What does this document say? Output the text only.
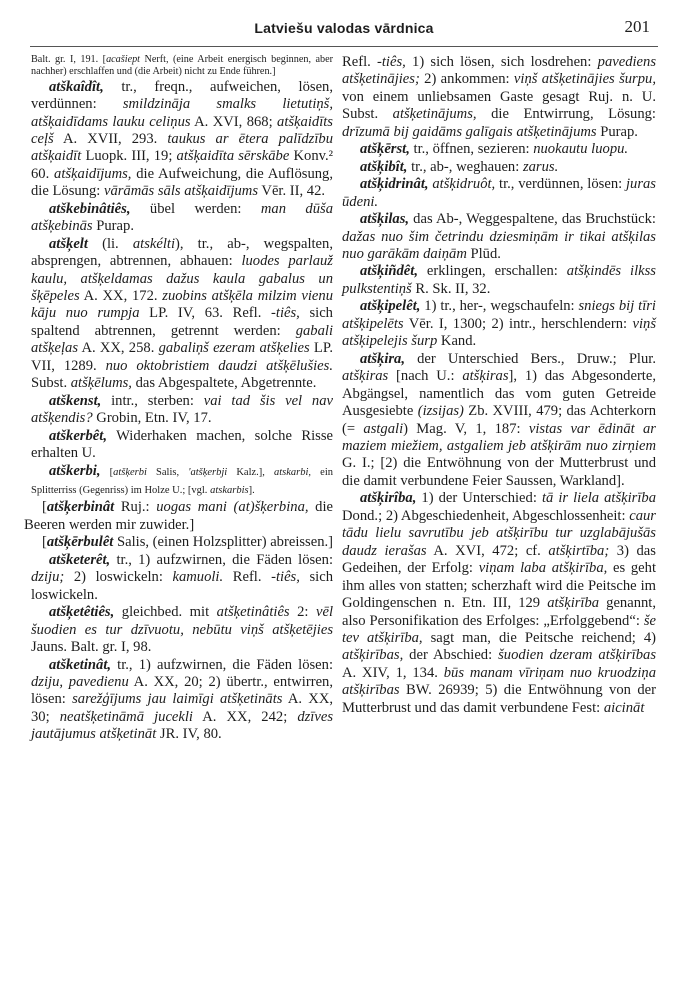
Latviešu valodas vārdnica	201

Balt. gr. I, 191. [acašiept Nerft, (eine Arbeit energisch beginnen, aber nachher) erschlaffen und (die Arbeit) nicht zu Ende führen.]

atškaîdît, tr., freqn., aufweichen, lösen, verdünnen: smildzināja smalks lietutiņš, atšķaidīdams lauku celiņus A. XVI, 868; atšķaidīts cеļš A. XVII, 293. taukus ar ēterа palīdzību atšķaidīt Luopk. III, 19; atšķaidīta sērskābe Konv.² 60. atšķaidījums, die Aufweichung, die Auflösung, die Lösung: vārāmās sāls atšķaidījums Vēr. II, 42.

atškebinâtiês, übel werden: man dūša atšķebinās Purap.

atšķelt (li. atskélti), tr., ab-, wegspalten, absprengen, abtrennen, abhauen: luodes parlauž kaulu, atšķeldamas dažus kaula gabalus un šķēpeles A. XX, 172. zuobins atšķēla milzim vienu kāju nuo rumpja LP. IV, 63. Refl. -tiês, sich spaltend abtrennen, getrennt werden: gabali atšķeļas A. XX, 258. gabaliņš ezeram atšķelies LP. VII, 1289. nuo oktobristiem daudzi atšķēlušies. Subst. atšķēlums, das Abgespaltete, Abgetrennte.

atškenst, intr., sterben: vai tad šis vel nav atšķendis? Grobin, Etn. IV, 17.

atškerbêt, Widerhaken machen, solche Risse erhalten U.

atškerbi, [atšķerbi Salis, 'atšķerbji Kalz.], atskarbi, ein Splitterriss (Gegenriss) im Holze U.; [vgl. atskarbis].

[atšķerbinât Ruj.: uogas mani (at)šķerbina, die Beeren werden mir zuwider.]

[atšķērbulêt Salis, (einen Holzsplitter) abreissen.]

atšketerêt, tr., 1) aufzwirnen, die Fäden lösen: dziju; 2) loswickeln: kamuoli. Refl. -tiês, sich loswickeln.

atšķetêtiês, gleichbed. mit atšķetinâtiês 2: vēl šuodien es tur dzīvuotu, nebūtu viņš atšķetējies Jauns. Balt. gr. I, 98.

atšketinât, tr., 1) aufzwirnen, die Fäden lösen: dziju, pavedienu A. XX, 20; 2) übertr., entwirren, lösen: sarežģījums jau laimīgi atšķetināts A. XX, 30; neatšķetināmā jucekli A. XX, 242; dzīves jautājumus atšķetināt JR. IV, 80.

Refl. -tiês, 1) sich lösen, sich losdrehen: pavediens atšķetinājies; 2) ankommen: viņš atšķetinājies šurpu, von einem unliebsamen Gaste gesagt Ruj. n. U. Subst. atšķetinājums, die Entwirrung, Lösung: drīzumā bij gaidāms galīgais atšķetinājums Purap.

atšķērst, tr., öffnen, sezieren: nuokautu luopu.

atšķibît, tr., ab-, weghauen: zarus.

atšķidrinât, atšķidruôt, tr., verdünnen, lösen: juras ūdeni.

atšķilas, das Ab-, Weggespaltene, das Bruchstück: dažas nuo šim četrindu dziesmiņām ir tikai atšķilas nuo garākām daiņām Plūd.

atšķiñdêt, erklingen, erschallen: atšķindēs ilkss pulkstentiņš R. Sk. II, 32.

atšķipelêt, 1) tr., her-, wegschaufeln: sniegs bij tīri atšķipelēts Vēr. I, 1300; 2) intr., herschlendern: viņš atšķipelejis šurp Kand.

atšķira, der Unterschied Bers., Druw.; Plur. atšķiras [nach U.: atšķiras], 1) das Abgesonderte, Abgängsel, namentlich das vom guten Getreide Ausgesiebte (izsijas) Zb. XVIII, 479; das Achterkorn (= astgali) Mag. V, 1, 187: vistas var ēdināt ar maziem miežiem, astgaliem jeb atšķirām nuo zirņiem G. I.; [2) die Entwöhnung von der Mutterbrust und die damit verbundene Feier Saussen, Warkland].

atšķirîba, 1) der Unterschied: tā ir liela atšķirība Dond.; 2) Abgeschiedenheit, Abgeschlossenheit: caur tādu lielu savrutību jeb atšķirību tur uzglabājušās daudz ierašas A. XVI, 472; cf. atšķirtība; 3) das Gedeihen, der Erfolg: viņam laba atšķirība, es geht ihm alles von statten; scherzhaft wird die Peitsche im Goldingenschen n. Etn. III, 129 atšķirība genannt, also Personifikation des Erfolges: „Erfolggebend“: še tev atšķirība, sagt man, die Peitsche reichend; 4) atšķirības, der Abschied: šuodien dzeram atšķirības A. XIV, 1, 134. būs manam vīriņam nuo kruodziņa atšķirības BW. 26939; 5) die Entwöhnung von der Mutterbrust und das damit verbundene Fest: aicināt
